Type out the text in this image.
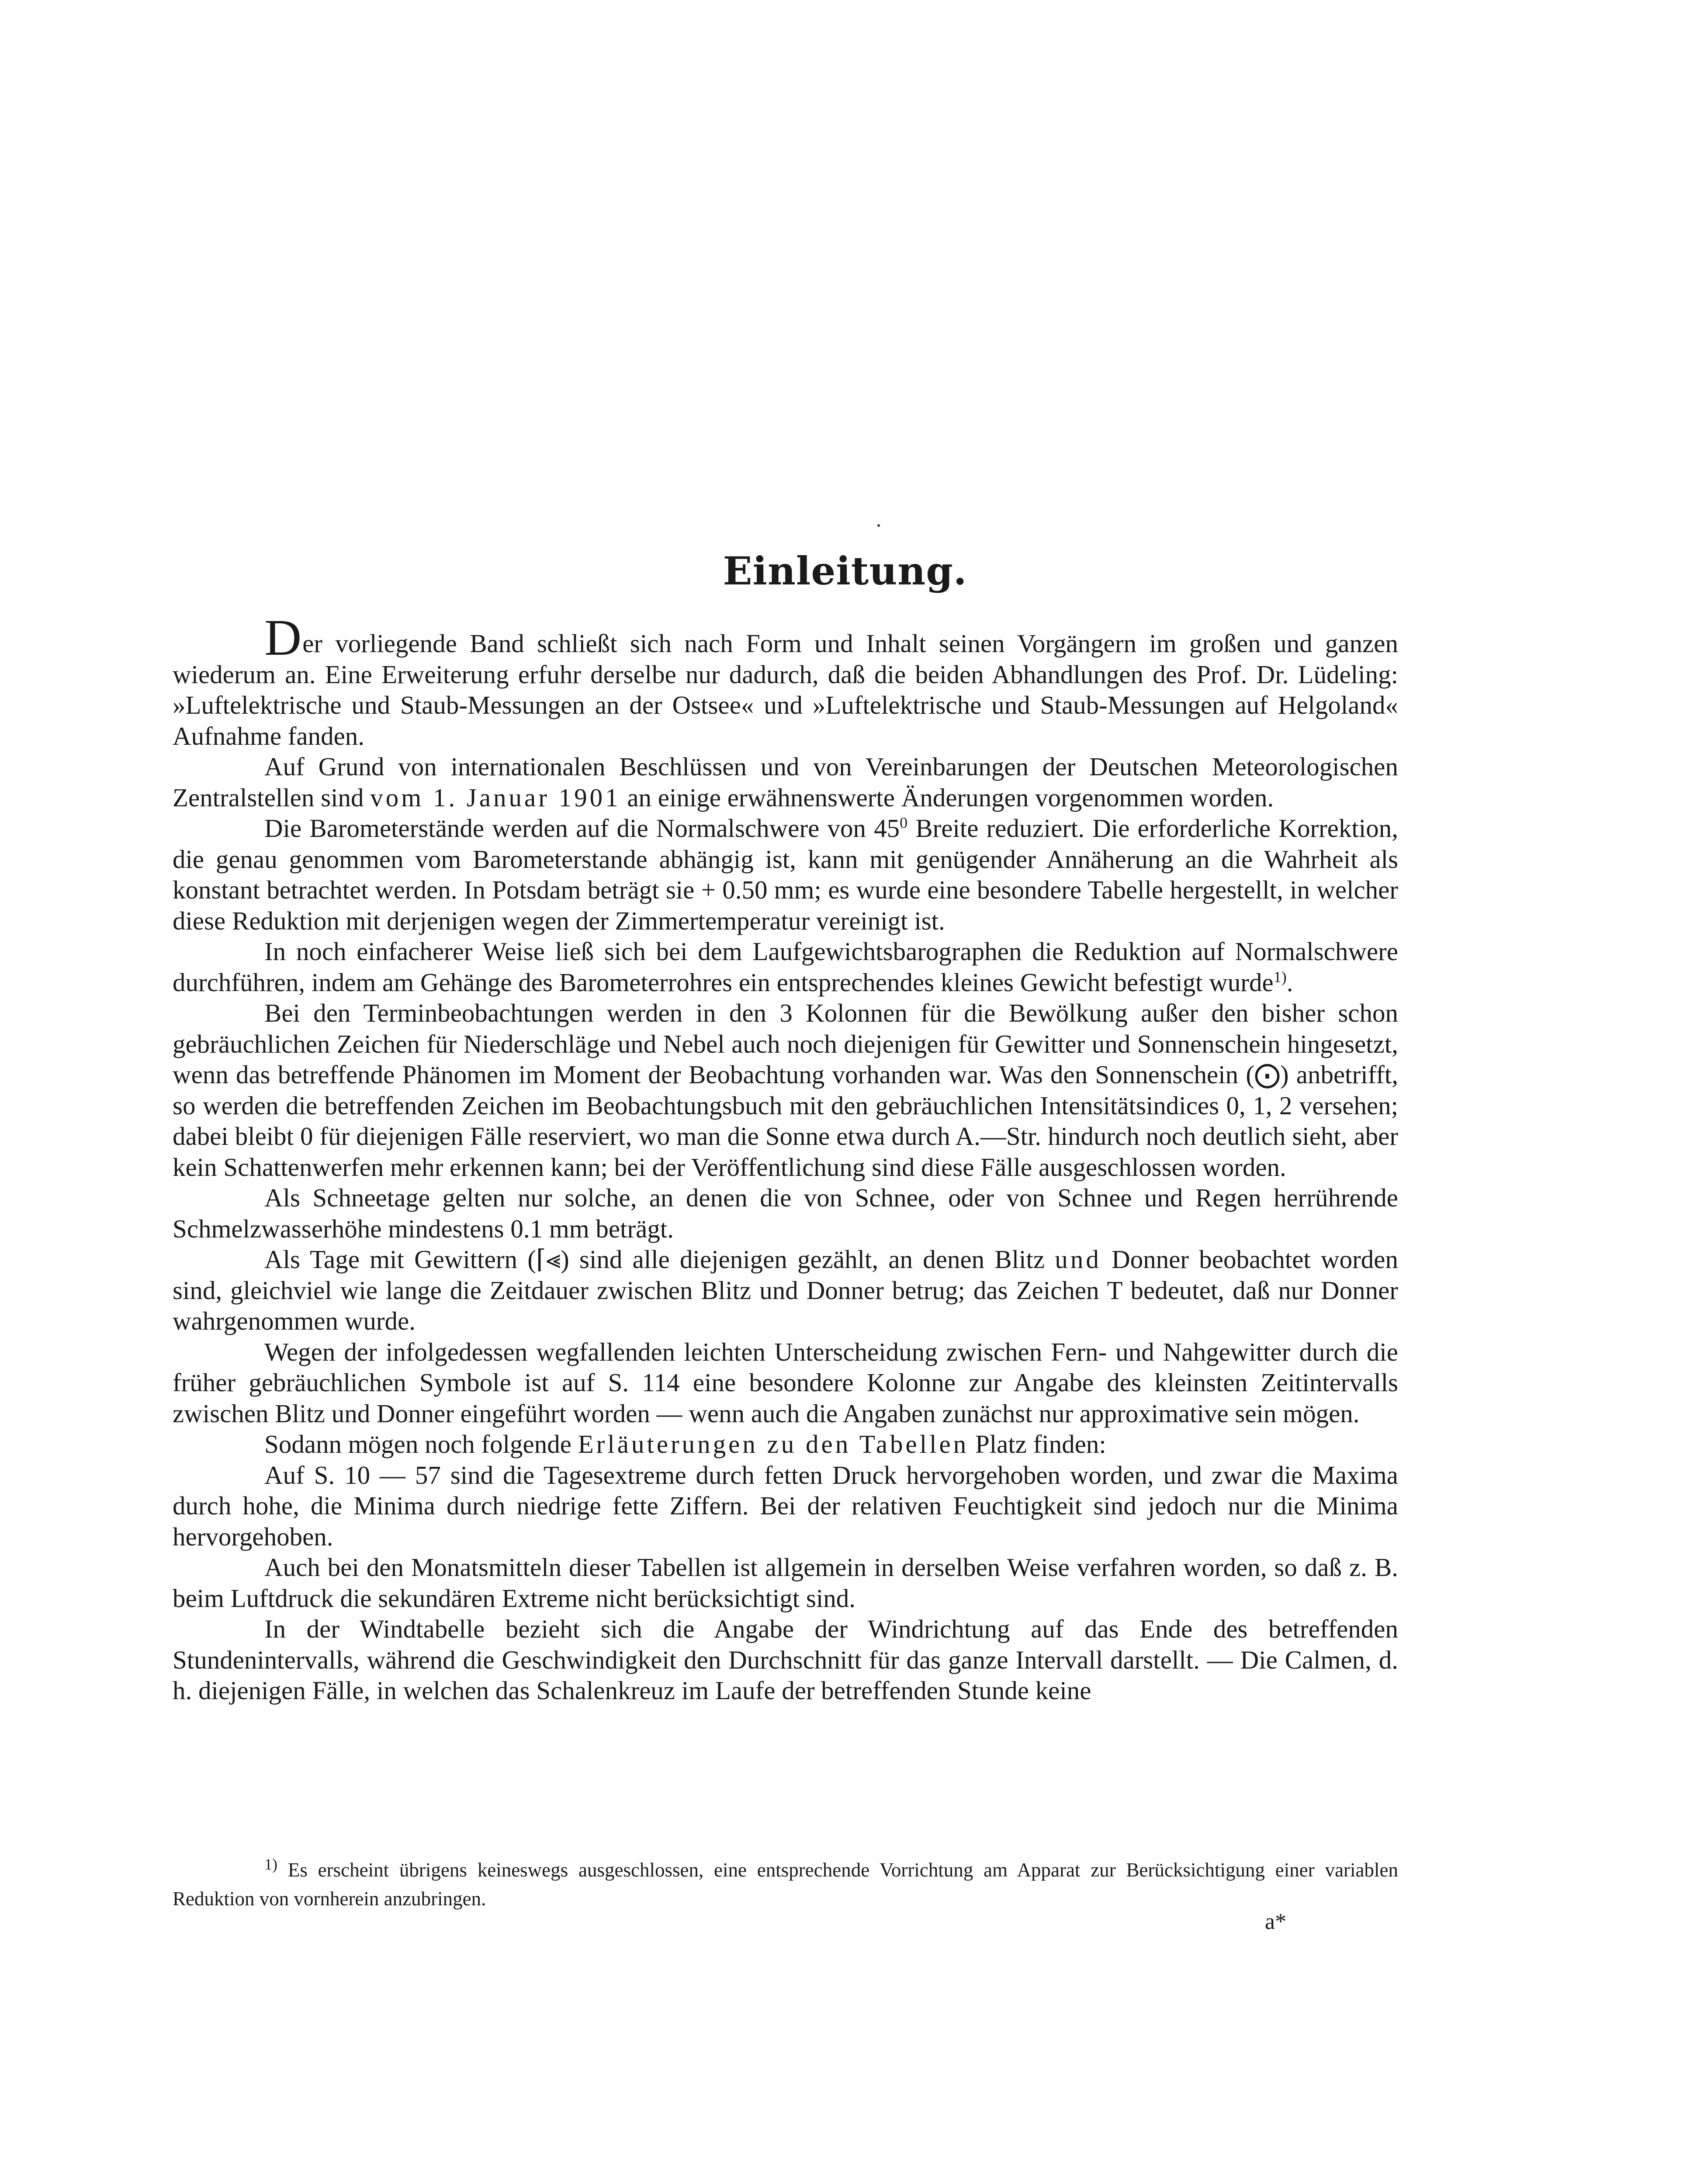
Einleitung.

Der vorliegende Band schließt sich nach Form und Inhalt seinen Vorgängern im großen und ganzen wiederum an. Eine Erweiterung erfuhr derselbe nur dadurch, daß die beiden Abhandlungen des Prof. Dr. Lüdeling: »Luftelektrische und Staub-Messungen an der Ostsee« und »Luftelektrische und Staub-Messungen auf Helgoland« Aufnahme fanden.

Auf Grund von internationalen Beschlüssen und von Vereinbarungen der Deutschen Meteorologischen Zentralstellen sind vom 1. Januar 1901 an einige erwähnenswerte Änderungen vorgenommen worden.

Die Barometerstände werden auf die Normalschwere von $45^0$ Breite reduziert. Die erforderliche Korrektion, die genau genommen vom Barometerstande abhängig ist, kann mit genügender Annäherung an die Wahrheit als konstant betrachtet werden. In Potsdam beträgt sie + 0.50 mm; es wurde eine besondere Tabelle hergestellt, in welcher diese Reduktion mit derjenigen wegen der Zimmertemperatur vereinigt ist.

In noch einfacherer Weise ließ sich bei dem Laufgewichtsbarographen die Reduktion auf Normalschwere durchführen, indem am Gehänge des Barometerrohres ein entsprechendes kleines Gewicht befestigt wurde$^{1)}$.

Bei den Terminbeobachtungen werden in den 3 Kolonnen für die Bewölkung außer den bisher schon gebräuchlichen Zeichen für Niederschläge und Nebel auch noch diejenigen für Gewitter und Sonnenschein hingesetzt, wenn das betreffende Phänomen im Moment der Beobachtung vorhanden war. Was den Sonnenschein (⨀) anbetrifft, so werden die betreffenden Zeichen im Beobachtungsbuch mit den gebräuchlichen Intensitätsindices 0, 1, 2 versehen; dabei bleibt 0 für diejenigen Fälle reserviert, wo man die Sonne etwa durch A.—Str. hindurch noch deutlich sieht, aber kein Schattenwerfen mehr erkennen kann; bei der Veröffentlichung sind diese Fälle ausgeschlossen worden.

Als Schneetage gelten nur solche, an denen die von Schnee, oder von Schnee und Regen herrührende Schmelzwasserhöhe mindestens 0.1 mm beträgt.

Als Tage mit Gewittern (⌈⪡) sind alle diejenigen gezählt, an denen Blitz und Donner beobachtet worden sind, gleichviel wie lange die Zeitdauer zwischen Blitz und Donner betrug; das Zeichen T bedeutet, daß nur Donner wahrgenommen wurde.

Wegen der infolgedessen wegfallenden leichten Unterscheidung zwischen Fern- und Nahgewitter durch die früher gebräuchlichen Symbole ist auf S. 114 eine besondere Kolonne zur Angabe des kleinsten Zeitintervalls zwischen Blitz und Donner eingeführt worden — wenn auch die Angaben zunächst nur approximative sein mögen.

Sodann mögen noch folgende Erläuterungen zu den Tabellen Platz finden:

Auf S. 10 — 57 sind die Tagesextreme durch fetten Druck hervorgehoben worden, und zwar die Maxima durch hohe, die Minima durch niedrige fette Ziffern. Bei der relativen Feuchtigkeit sind jedoch nur die Minima hervorgehoben.

Auch bei den Monatsmitteln dieser Tabellen ist allgemein in derselben Weise verfahren worden, so daß z. B. beim Luftdruck die sekundären Extreme nicht berücksichtigt sind.

In der Windtabelle bezieht sich die Angabe der Windrichtung auf das Ende des betreffenden Stundenintervalls, während die Geschwindigkeit den Durchschnitt für das ganze Intervall darstellt. — Die Calmen, d. h. diejenigen Fälle, in welchen das Schalenkreuz im Laufe der betreffenden Stunde keine

$^{1)}$ Es erscheint übrigens keineswegs ausgeschlossen, eine entsprechende Vorrichtung am Apparat zur Berücksichtigung einer variablen Reduktion von vornherein anzubringen.

a*
